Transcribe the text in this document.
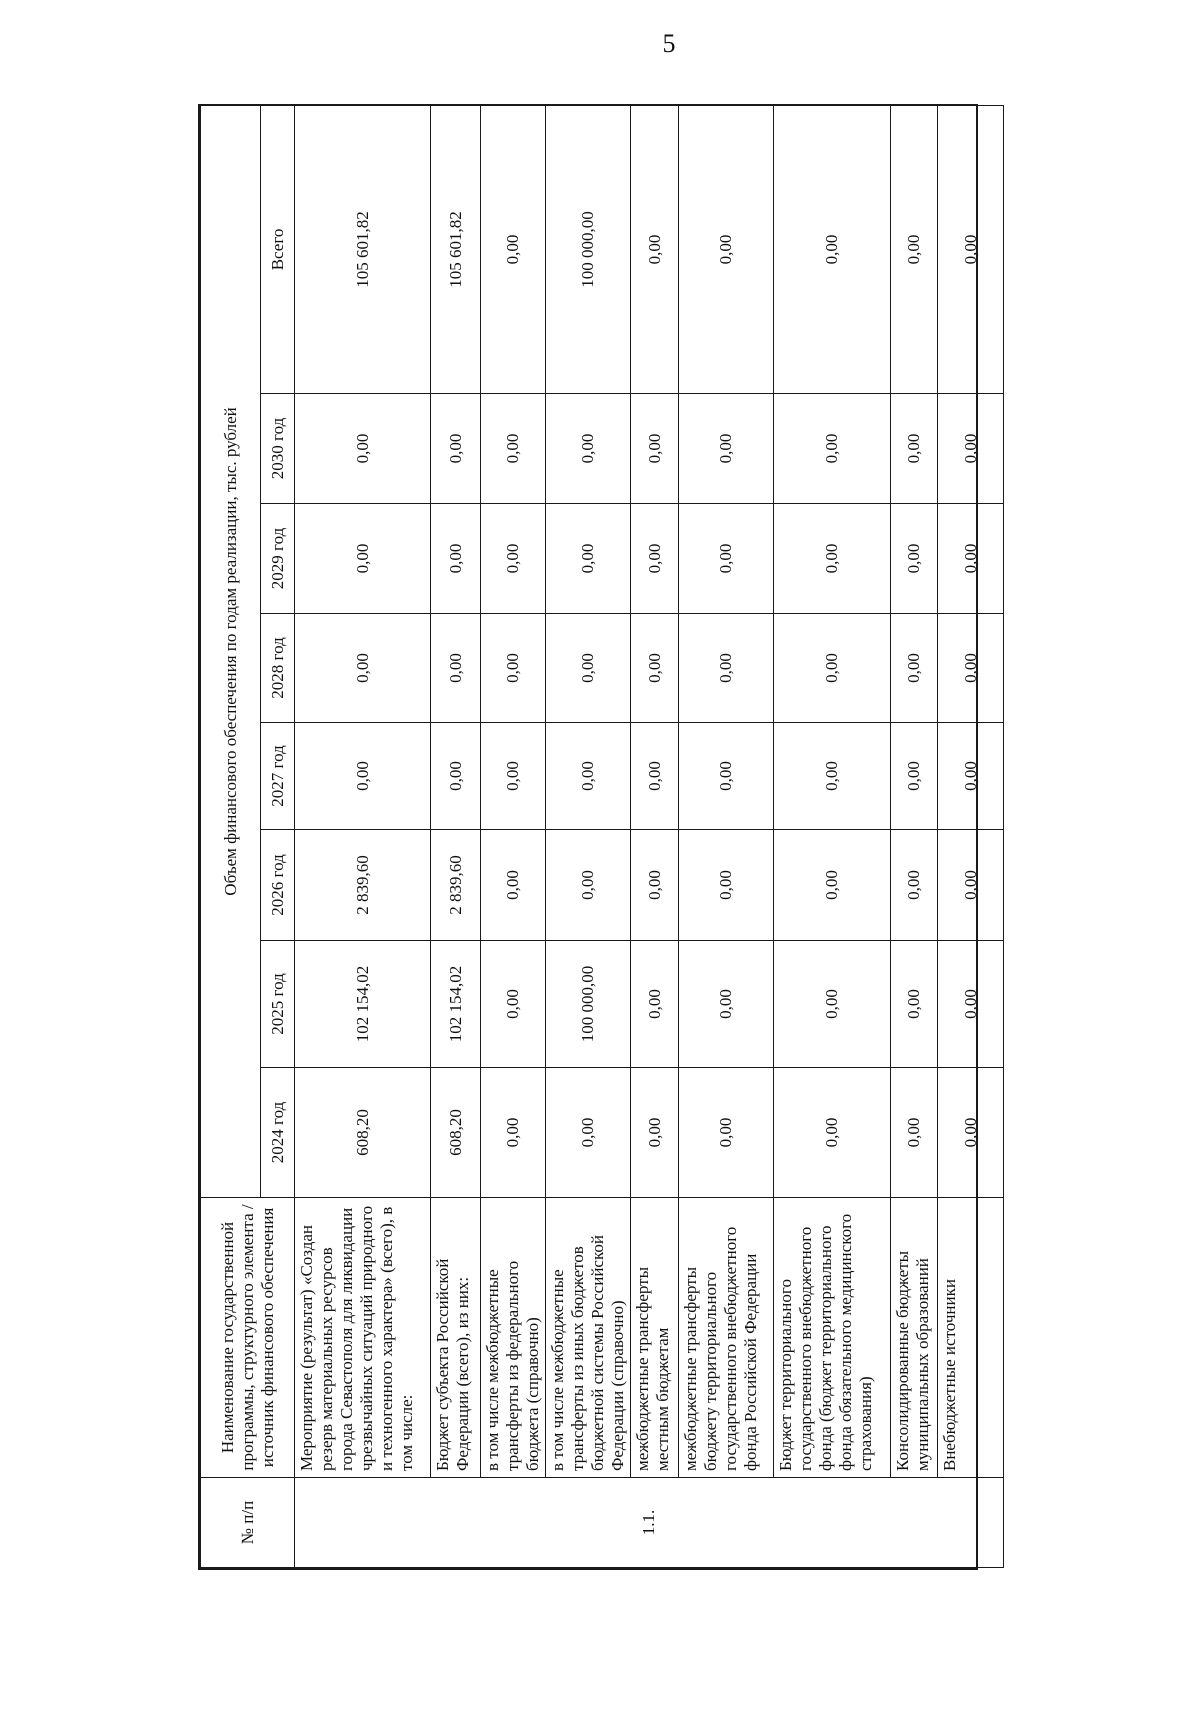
5
№ п/п	Наименование государственной программы, структурного элемента / источник финансового обеспечения	Объем финансового обеспечения по годам реализации, тыс. рублей							
		2024 год	2025 год	2026 год	2027 год	2028 год	2029 год	2030 год	Всего
1.1.	Мероприятие (результат) «Создан резерв материальных ресурсов города Севастополя для ликвидации чрезвычайных ситуаций природного и техногенного характера» (всего), в том числе:	608,20	102 154,02	2 839,60	0,00	0,00	0,00	0,00	105 601,82
	Бюджет субъекта Российской Федерации (всего), из них:	608,20	102 154,02	2 839,60	0,00	0,00	0,00	0,00	105 601,82
	в том числе межбюджетные трансферты из федерального бюджета (справочно)	0,00	0,00	0,00	0,00	0,00	0,00	0,00	0,00
	в том числе межбюджетные трансферты из иных бюджетов бюджетной системы Российской Федерации (справочно)	0,00	100 000,00	0,00	0,00	0,00	0,00	0,00	100 000,00
	межбюджетные трансферты местным бюджетам	0,00	0,00	0,00	0,00	0,00	0,00	0,00	0,00
	межбюджетные трансферты бюджету территориального государственного внебюджетного фонда Российской Федерации	0,00	0,00	0,00	0,00	0,00	0,00	0,00	0,00
	Бюджет территориального государственного внебюджетного фонда (бюджет территориального фонда обязательного медицинского страхования)	0,00	0,00	0,00	0,00	0,00	0,00	0,00	0,00
	Консолидированные бюджеты муниципальных образований	0,00	0,00	0,00	0,00	0,00	0,00	0,00	0,00
	Внебюджетные источники	0,00	0,00	0,00	0,00	0,00	0,00	0,00	0,00
